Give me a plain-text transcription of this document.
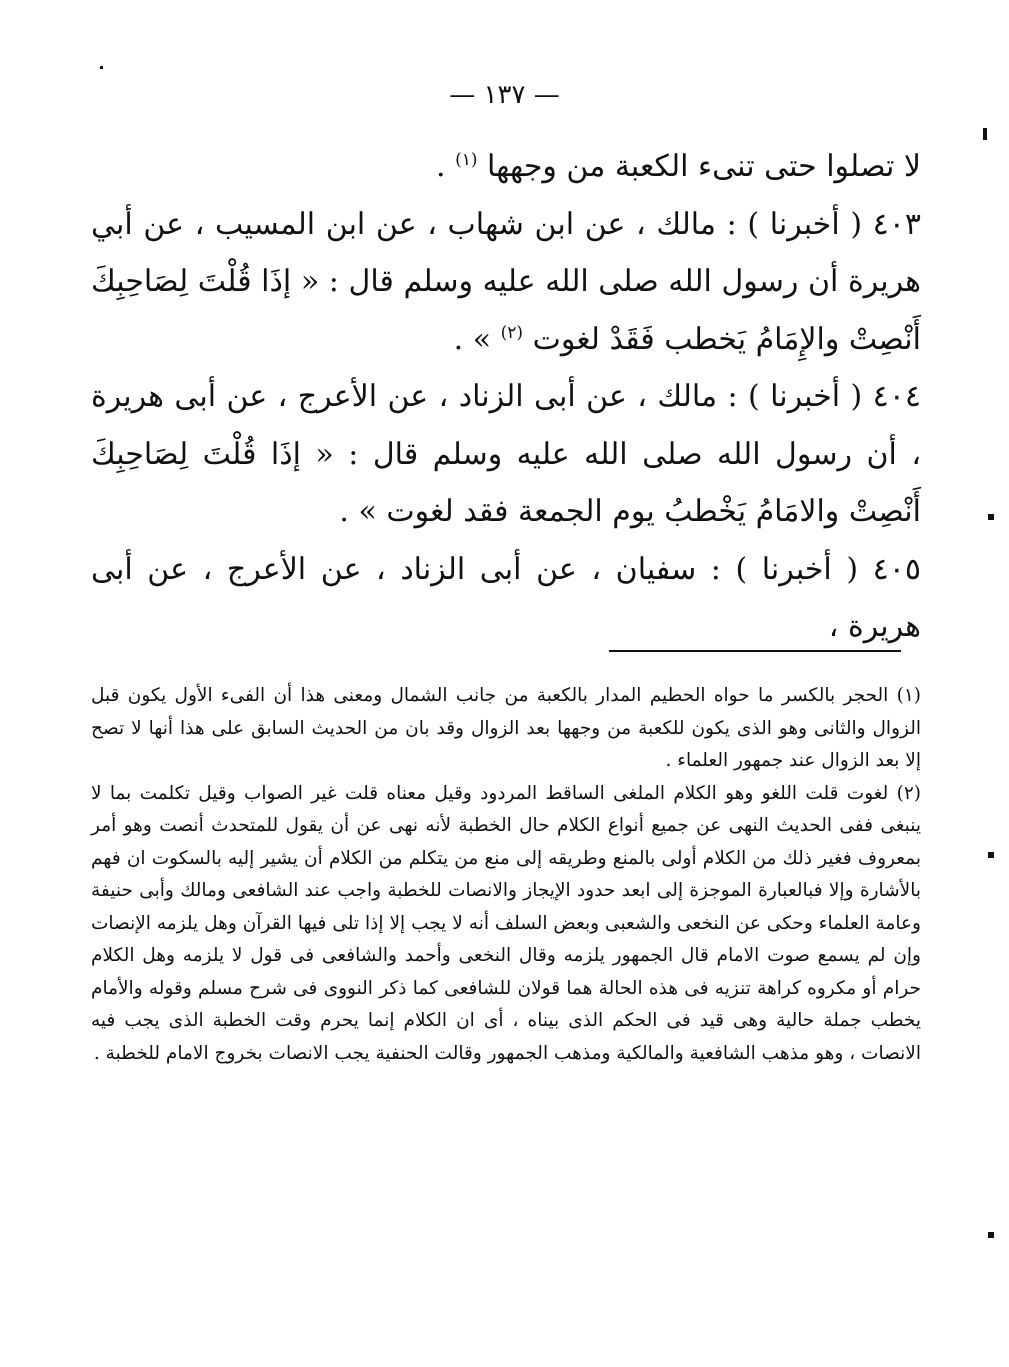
— ١٣٧ —

لا تصلوا حتى تنىء الكعبة من وجهها $^{(١)}$ .

٤٠٣ ( أخبرنا ) : مالك ، عن ابن شهاب ، عن ابن المسيب ، عن أبي هريرة أن رسول الله صلى الله عليه وسلم قال : « إذَا قُلْتَ لِصَاحِبِكَ أَنْصِتْ والإِمَامُ يَخطب فَقَدْ لغوت $^{(٢)}$ » .

٤٠٤ ( أخبرنا ) : مالك ، عن أبى الزناد ، عن الأعرج ، عن أبى هريرة ، أن رسول الله صلى الله عليه وسلم قال : « إذَا قُلْتَ لِصَاحِبِكَ أَنْصِتْ والامَامُ يَخْطبُ يوم الجمعة فقد لغوت » .

٤٠٥ ( أخبرنا ) : سفيان ، عن أبى الزناد ، عن الأعرج ، عن أبى هريرة ،

(١) الحجر بالكسر ما حواه الحطيم المدار بالكعبة من جانب الشمال ومعنى هذا أن الفىء الأول يكون قبل الزوال والثانى وهو الذى يكون للكعبة من وجهها بعد الزوال وقد بان من الحديث السابق على هذا أنها لا تصح إلا بعد الزوال عند جمهور العلماء .

(٢) لغوت قلت اللغو وهو الكلام الملغى الساقط المردود وقيل معناه قلت غير الصواب وقيل تكلمت بما لا ينبغى ففى الحديث النهى عن جميع أنواع الكلام حال الخطبة لأنه نهى عن أن يقول للمتحدث أنصت وهو أمر بمعروف فغير ذلك من الكلام أولى بالمنع وطريقه إلى منع من يتكلم من الكلام أن يشير إليه بالسكوت ان فهم بالأشارة وإلا فبالعبارة الموجزة إلى ابعد حدود الإيجاز والانصات للخطبة واجب عند الشافعى ومالك وأبى حنيفة وعامة العلماء وحكى عن النخعى والشعبى وبعض السلف أنه لا يجب إلا إذا تلى فيها القرآن وهل يلزمه الإنصات وإن لم يسمع صوت الامام قال الجمهور يلزمه وقال النخعى وأحمد والشافعى فى قول لا يلزمه وهل الكلام حرام أو مكروه كراهة تنزيه فى هذه الحالة هما قولان للشافعى كما ذكر النووى فى شرح مسلم وقوله والأمام يخطب جملة حالية وهى قيد فى الحكم الذى بيناه ، أى ان الكلام إنما يحرم وقت الخطبة الذى يجب فيه الانصات ، وهو مذهب الشافعية والمالكية ومذهب الجمهور وقالت الحنفية يجب الانصات بخروج الامام للخطبة .
